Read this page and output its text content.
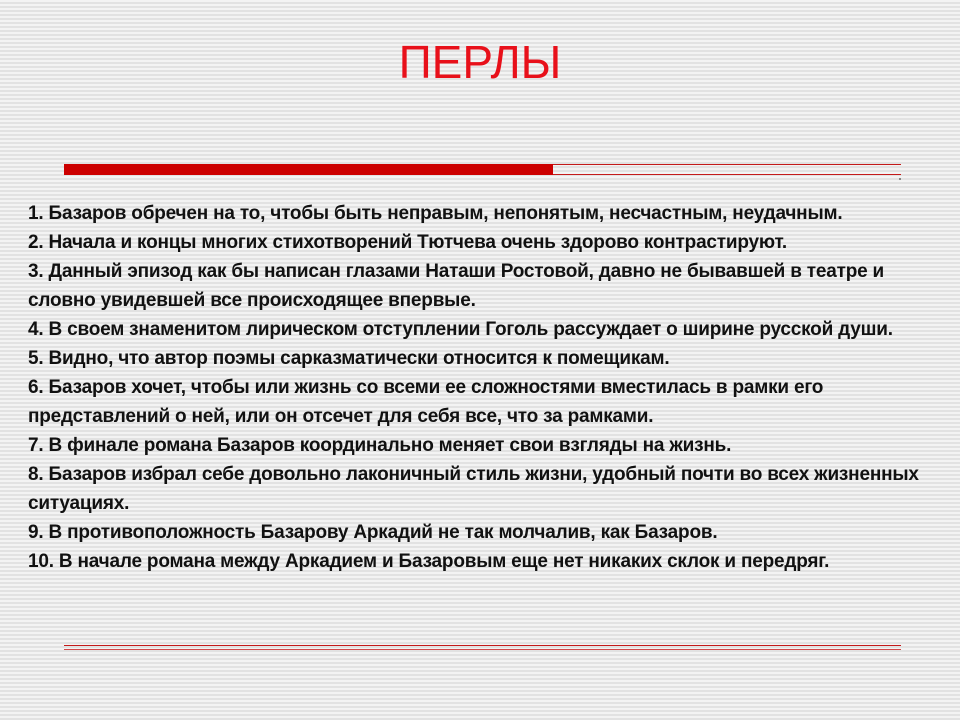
ПЕРЛЫ
1. Базаров обречен на то, чтобы быть неправым, непонятым, несчастным, неудачным.
2. Начала и концы многих стихотворений Тютчева очень здорово контрастируют.
3. Данный эпизод как бы написан глазами Наташи Ростовой, давно не бывавшей в театре и словно увидевшей все происходящее впервые.
4. В своем знаменитом лирическом отступлении Гоголь рассуждает о ширине русской души.
5. Видно, что автор поэмы сарказматически относится к помещикам.
6. Базаров хочет, чтобы или жизнь со всеми ее сложностями вместилась в рамки его представлений о ней, или он отсечет для себя все, что за рамками.
7. В финале романа Базаров координально меняет свои взгляды на жизнь.
8. Базаров избрал себе довольно лаконичный стиль жизни, удобный почти во всех жизненных ситуациях.
9. В противоположность Базарову Аркадий не так молчалив, как Базаров.
10. В начале романа между Аркадием и Базаровым еще нет никаких склок и передряг.
